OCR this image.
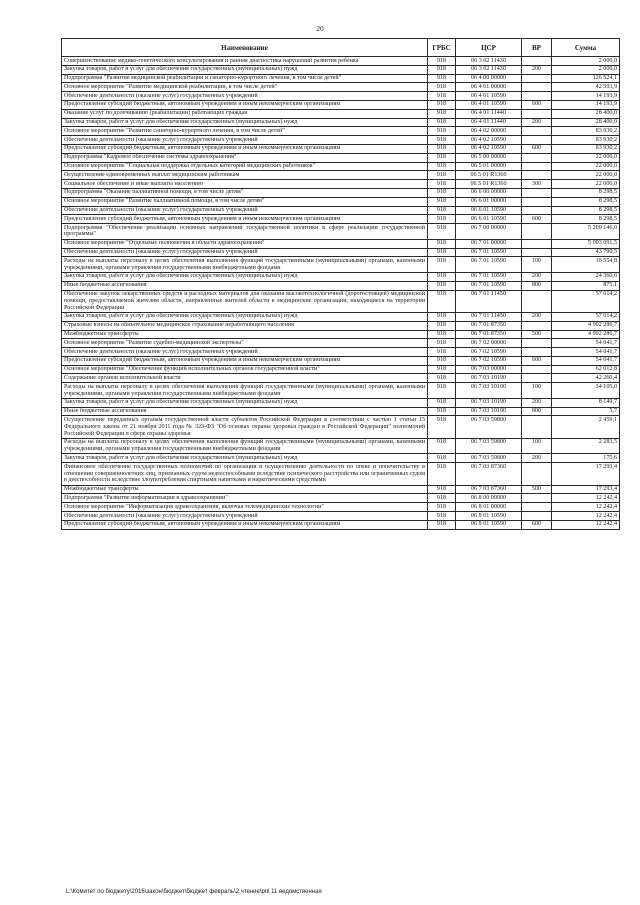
20
Наименование	ГРБС	ЦСР	ВР	Сумма
Совершенствование медико-генетического консультирования и ранняя диагностика нарушений развития ребенка	918	06 3 02 11430		2 000,0
Закупка товаров, работ и услуг для обеспечения государственных (муниципальных) нужд	918	06 3 02 11430	200	2 000,0
Подпрограмма "Развитие медицинской реабилитации и санаторно-курортного лечения, в том числе детей"	918	06 4 00 00000		126 524,1
Основное мероприятие "Развитие медицинской реабилитации, в том числе детей"	918	06 4 01 00000		42 593,9
Обеспечение деятельности (оказание услуг) государственных учреждений	918	06 4 01 10590		14 193,9
Предоставление субсидий бюджетным, автономным учреждениям и иным некоммерческим организациям	918	06 4 01 10590	600	14 193,9
Оказание услуг по долечиванию (реабилитации) работающих граждан	918	06 4 01 11440		28 400,0
Закупка товаров, работ и услуг для обеспечения государственных (муниципальных) нужд	918	06 4 01 11440	200	28 400,0
Основное мероприятие "Развитие санаторно-курортного лечения, в том числе детей"	918	06 4 02 00000		83 930,2
Обеспечение деятельности (оказание услуг) государственных учреждений	918	06 4 02 10590		83 930,2
Предоставление субсидий бюджетным, автономным учреждениям и иным некоммерческим организациям	918	06 4 02 10590	600	83 930,2
Подпрограмма "Кадровое обеспечение системы здравоохранения"	918	06 5 00 00000		22 000,0
Основное мероприятие "Социальная поддержка отдельных категорий медицинских работников"	918	06 5 01 00000		22 000,0
Осуществление единовременных выплат медицинским работникам	918	06 5 01 R1360		22 000,0
Социальное обеспечение и иные выплаты населению	918	06 5 01 R1360	300	22 000,0
Подпрограмма "Оказание паллиативной помощи, в том числе детям"	918	06 6 00 00000		8 298,5
Основное мероприятие "Развитие паллиативной помощи, в том числе детям"	918	06 6 01 00000		8 298,5
Обеспечение деятельности (оказание услуг) государственных учреждений	918	06 6 01 10590		8 298,5
Предоставление субсидий бюджетным, автономным учреждениям и иным некоммерческим организациям	918	06 6 01 10590	600	8 298,5
Подпрограмма "Обеспечение реализации основных направлений государственной политики в сфере реализации государственной программы"	918	06 7 00 00000		5 209 146,0
Основное мероприятие "Отдельные полномочия в области здравоохранения"	918	06 7 01 00000		5 093 091,5
Обеспечение деятельности (оказание услуг) государственных учреждений	918	06 7 01 10590		43 790,5
Расходы на выплаты персоналу в целях обеспечения выполнения функций государственными (муниципальными) органами, казенными учреждениями, органами управления государственными внебюджетными фондами	918	06 7 01 10590	100	18 554,8
Закупка товаров, работ и услуг для обеспечения государственных (муниципальных) нужд	918	06 7 01 10590	200	24 360,6
Иные бюджетные ассигнования	918	06 7 01 10590	800	875,1
Обеспечение закупок лекарственных средств и расходных материалов для оказания высокотехнологичной (дорогостоящей) медицинской помощи, предоставляемой жителям области, направленные жителей области в медицинские организации, находящиеся на территории Российской Федерации	918	06 7 01 11450		57 014,2
Закупка товаров, работ и услуг для обеспечения государственных (муниципальных) нужд	918	06 7 01 11450	200	57 014,2
Страховые взносы на обязательное медицинское страхование неработающего населения	918	06 7 01 87350		4 992 286,7
Межбюджетные трансферты	918	06 7 01 87350	500	4 992 286,7
Основное мероприятие "Развитие судебно-медицинской экспертизы"	918	06 7 02 00000		54 041,7
Обеспечение деятельности (оказание услуг) государственных учреждений	918	06 7 02 10590		54 041,7
Предоставление субсидий бюджетным, автономным учреждениям и иным некоммерческим организациям	918	06 7 02 10590	600	54 041,7
Основное мероприятие "Обеспечение функций исполнительных органов государственной власти"	918	06 7 03 00000		62 012,8
Содержание органов исполнительной власти	918	06 7 03 10190		42 260,4
Расходы на выплаты персоналу в целях обеспечения выполнения функций государственными (муниципальными) органами, казенными учреждениями, органами управления государственными внебюджетными фондами	918	06 7 03 10190	100	34 105,0
Закупка товаров, работ и услуг для обеспечения государственных (муниципальных) нужд	918	06 7 03 10190	200	8 149,7
Иные бюджетные ассигнования	918	06 7 03 10190	800	5,7
Осуществление переданных органам государственной власти субъектов Российской Федерации в соответствии с частью 1 статьи 15 Федерального закона от 21 ноября 2011 года № 323-ФЗ "Об основах охраны здоровья граждан в Российской Федерации" полномочий Российской Федерации в сфере охраны здоровья	918	06 7 03 59800		2 459,1
Расходы на выплаты персоналу в целях обеспечения выполнения функций государственными (муниципальными) органами, казенными учреждениями, органами управления государственными внебюджетными фондами	918	06 7 03 59800	100	2 283,5
Закупка товаров, работ и услуг для обеспечения государственных (муниципальных) нужд	918	06 7 03 59800	200	175,6
Финансовое обеспечение государственных полномочий по организации и осуществлению деятельности по опеке и попечительству в отношении совершеннолетних лиц, признанных судом недееспособными вследствие психического расстройства или ограниченных судом в дееспособности вследствие злоупотребления спиртными напитками и наркотическими средствами	918	06 7 03 87360		17 293,4
Межбюджетные трансферты	918	06 7 03 87360	500	17 293,4
Подпрограмма "Развитие информатизации в здравоохранении"	918	06 8 00 00000		12 242,4
Основное мероприятие "Информатизация здравоохранения, включая телемедицинские технологии"	918	06 8 01 00000		12 242,4
Обеспечение деятельности (оказание услуг) государственных учреждений	918	06 8 01 10590		12 242,4
Предоставление субсидий бюджетным, автономным учреждениям и иным некоммерческим организациям	918	06 8 01 10590	600	12 242,4
L:\Комитет по бюджету\2016\закон\бюджет\бюджет февраль\2 чтение\рпl 11 ведомственная
